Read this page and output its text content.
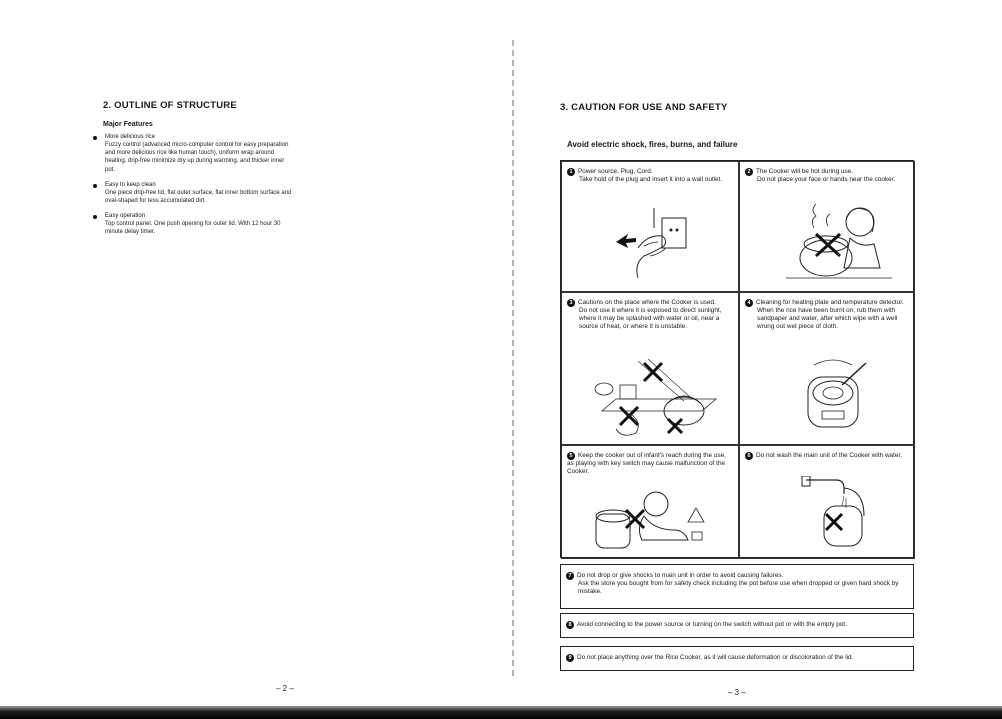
2. OUTLINE OF STRUCTURE
Major Features
More delicious rice
Fuzzy control (advanced micro-computer control for easy preparation and more delicious rice like human touch), uniform wrap around heating, drip-free minimize dry up during warming, and thicker inner pot.
Easy to keep clean
One piece drip-free lid, flat outer surface, flat inner bottom surface and oval-shaped for less accumulated dirt.
Easy operation
Top control panel. One push opening for outer lid. With 12 hour 30 minute delay timer.
– 2 –
3. CAUTION FOR USE AND SAFETY
Avoid electric shock, fires, burns, and failure
1 Power source, Plug, Cord.
Take hold of the plug and insert it into a wall outlet.
2 The Cooker will be hot during use.
Do not place your face or hands near the cooker.
3 Cautions on the place where the Cooker is used.
Do not use it where it is exposed to direct sunlight, where it may be splashed with water or oil, near a source of heat, or where it is unstable.
4 Cleaning for heating plate and temperature detector.
When the rice have been burnt on, rub them with sandpaper and water, after which wipe with a well wrung out wet piece of cloth.
5 Keep the cooker out of infant's reach during the use, as playing with key switch may cause malfunction of the Cooker.
6 Do not wash the main unit of the Cooker with water.
7 Do not drop or give shocks to main unit in order to avoid causing failures.
Ask the store you bought from for safety check including the pot before use when dropped or given hard shock by mistake.
8 Avoid connecting to the power source or turning on the switch without pot or with the empty pot.
9 Do not place anything over the Rice Cooker, as it will cause deformation or discoloration of the lid.
– 3 –
